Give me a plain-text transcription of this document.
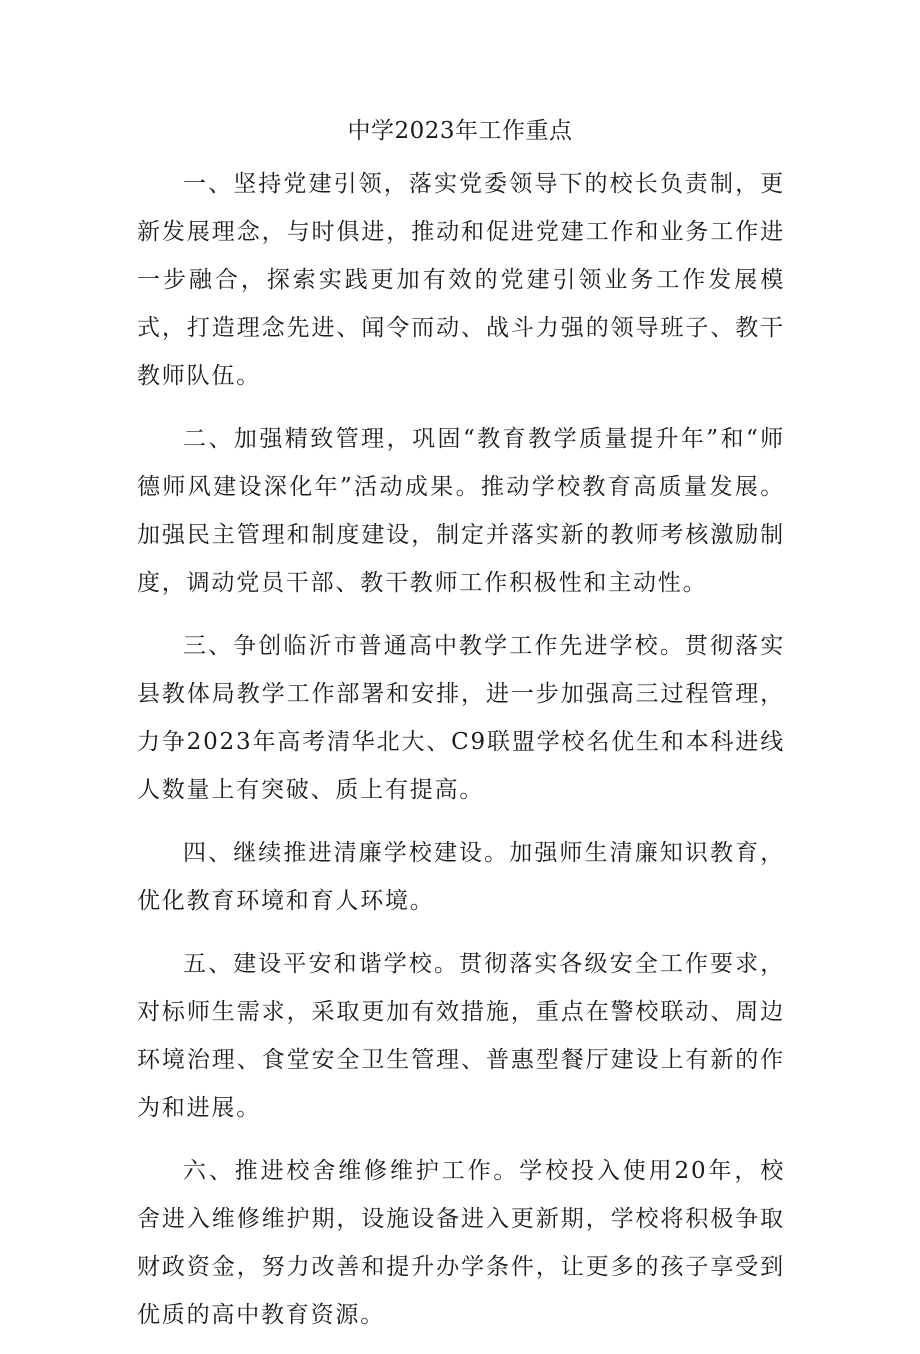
中学2023年工作重点

一、坚持党建引领，落实党委领导下的校长负责制，更新发展理念，与时俱进，推动和促进党建工作和业务工作进一步融合，探索实践更加有效的党建引领业务工作发展模式，打造理念先进、闻令而动、战斗力强的领导班子、教干教师队伍。

二、加强精致管理，巩固“教育教学质量提升年”和“师德师风建设深化年”活动成果。推动学校教育高质量发展。加强民主管理和制度建设，制定并落实新的教师考核激励制度，调动党员干部、教干教师工作积极性和主动性。

三、争创临沂市普通高中教学工作先进学校。贯彻落实县教体局教学工作部署和安排，进一步加强高三过程管理，力争2023年高考清华北大、C9联盟学校名优生和本科进线人数量上有突破、质上有提高。

四、继续推进清廉学校建设。加强师生清廉知识教育，优化教育环境和育人环境。

五、建设平安和谐学校。贯彻落实各级安全工作要求，对标师生需求，采取更加有效措施，重点在警校联动、周边环境治理、食堂安全卫生管理、普惠型餐厅建设上有新的作为和进展。

六、推进校舍维修维护工作。学校投入使用20年，校舍进入维修维护期，设施设备进入更新期，学校将积极争取财政资金，努力改善和提升办学条件，让更多的孩子享受到优质的高中教育资源。
